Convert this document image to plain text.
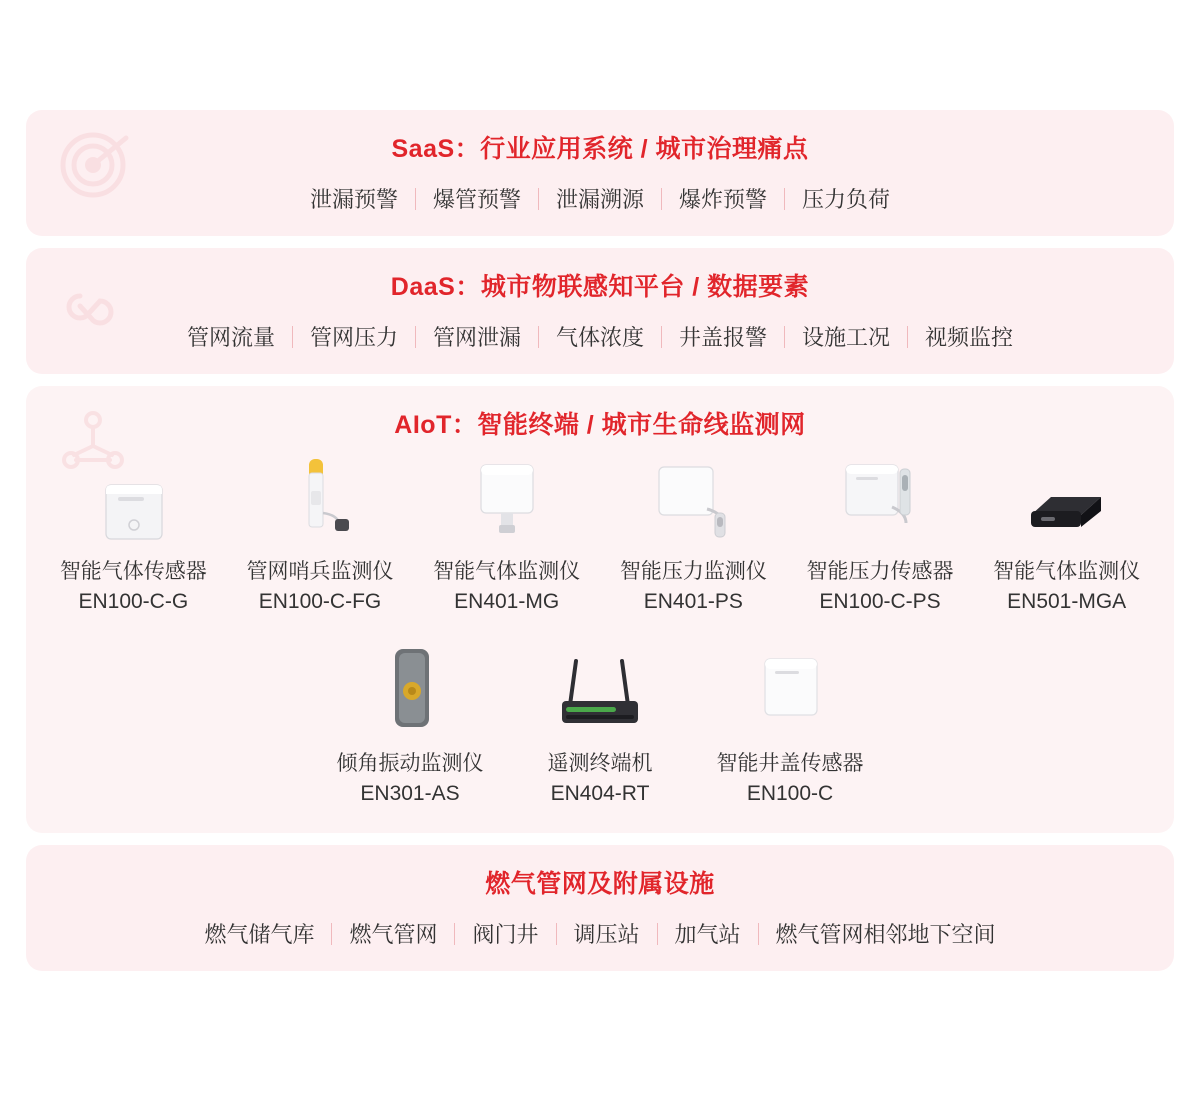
SaaS：行业应用系统 / 城市治理痛点
泄漏预警	爆管预警	泄漏溯源	爆炸预警	压力负荷
DaaS：城市物联感知平台 / 数据要素
管网流量	管网压力	管网泄漏	气体浓度	井盖报警	设施工况	视频监控
AIoT：智能终端 / 城市生命线监测网
智能气体传感器
EN100-C-G
管网哨兵监测仪
EN100-C-FG
智能气体监测仪
EN401-MG
智能压力监测仪
EN401-PS
智能压力传感器
EN100-C-PS
智能气体监测仪
EN501-MGA
倾角振动监测仪
EN301-AS
遥测终端机
EN404-RT
智能井盖传感器
EN100-C
燃气管网及附属设施
燃气储气库	燃气管网	阀门井	调压站	加气站	燃气管网相邻地下空间
